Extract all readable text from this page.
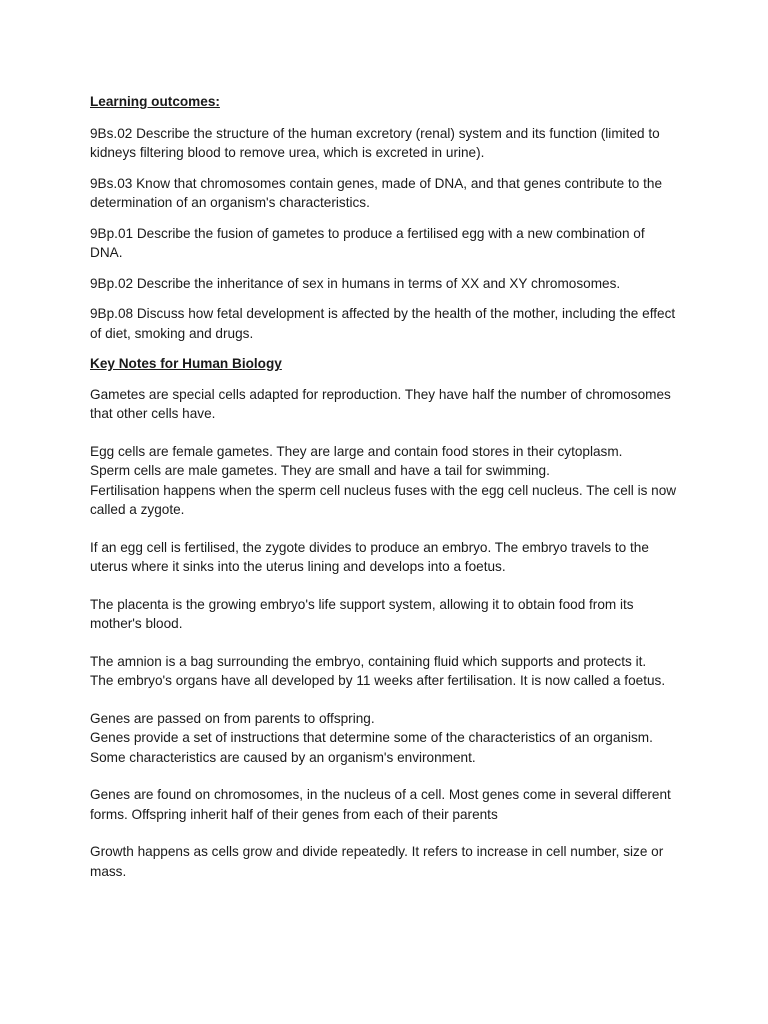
Learning outcomes:

9Bs.02 Describe the structure of the human excretory (renal) system and its function (limited to kidneys filtering blood to remove urea, which is excreted in urine).

9Bs.03 Know that chromosomes contain genes, made of DNA, and that genes contribute to the determination of an organism's characteristics.

9Bp.01 Describe the fusion of gametes to produce a fertilised egg with a new combination of DNA.

9Bp.02 Describe the inheritance of sex in humans in terms of XX and XY chromosomes.

9Bp.08 Discuss how fetal development is affected by the health of the mother, including the effect of diet, smoking and drugs.

Key Notes for Human Biology
Gametes are special cells adapted for reproduction. They have half the number of chromosomes that other cells have.
Egg cells are female gametes. They are large and contain food stores in their cytoplasm.
Sperm cells are male gametes. They are small and have a tail for swimming.
Fertilisation happens when the sperm cell nucleus fuses with the egg cell nucleus. The cell is now called a zygote.
If an egg cell is fertilised, the zygote divides to produce an embryo. The embryo travels to the uterus where it sinks into the uterus lining and develops into a foetus.
The placenta is the growing embryo's life support system, allowing it to obtain food from its mother's blood.
The amnion is a bag surrounding the embryo, containing fluid which supports and protects it.
The embryo's organs have all developed by 11 weeks after fertilisation. It is now called a foetus.
Genes are passed on from parents to offspring.
Genes provide a set of instructions that determine some of the characteristics of an organism.
Some characteristics are caused by an organism's environment.
Genes are found on chromosomes, in the nucleus of a cell. Most genes come in several different forms. Offspring inherit half of their genes from each of their parents
Growth happens as cells grow and divide repeatedly. It refers to increase in cell number, size or mass.
